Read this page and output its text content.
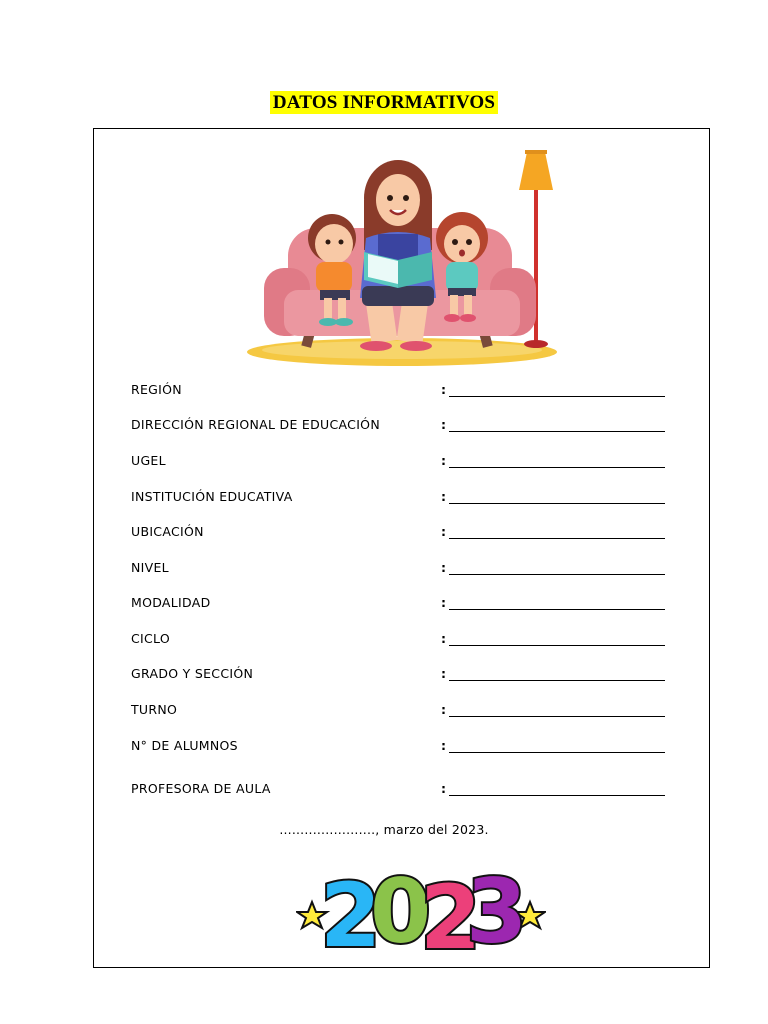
DATOS INFORMATIVOS
REGIÓN	:
DIRECCIÓN REGIONAL DE EDUCACIÓN	:
UGEL	:
INSTITUCIÓN EDUCATIVA	:
UBICACIÓN	:
NIVEL	:
MODALIDAD	:
CICLO	:
GRADO Y SECCIÓN	:
TURNO	:
N° DE ALUMNOS	:
PROFESORA DE AULA	:
......................., marzo del 2023.
2
0
2
3
